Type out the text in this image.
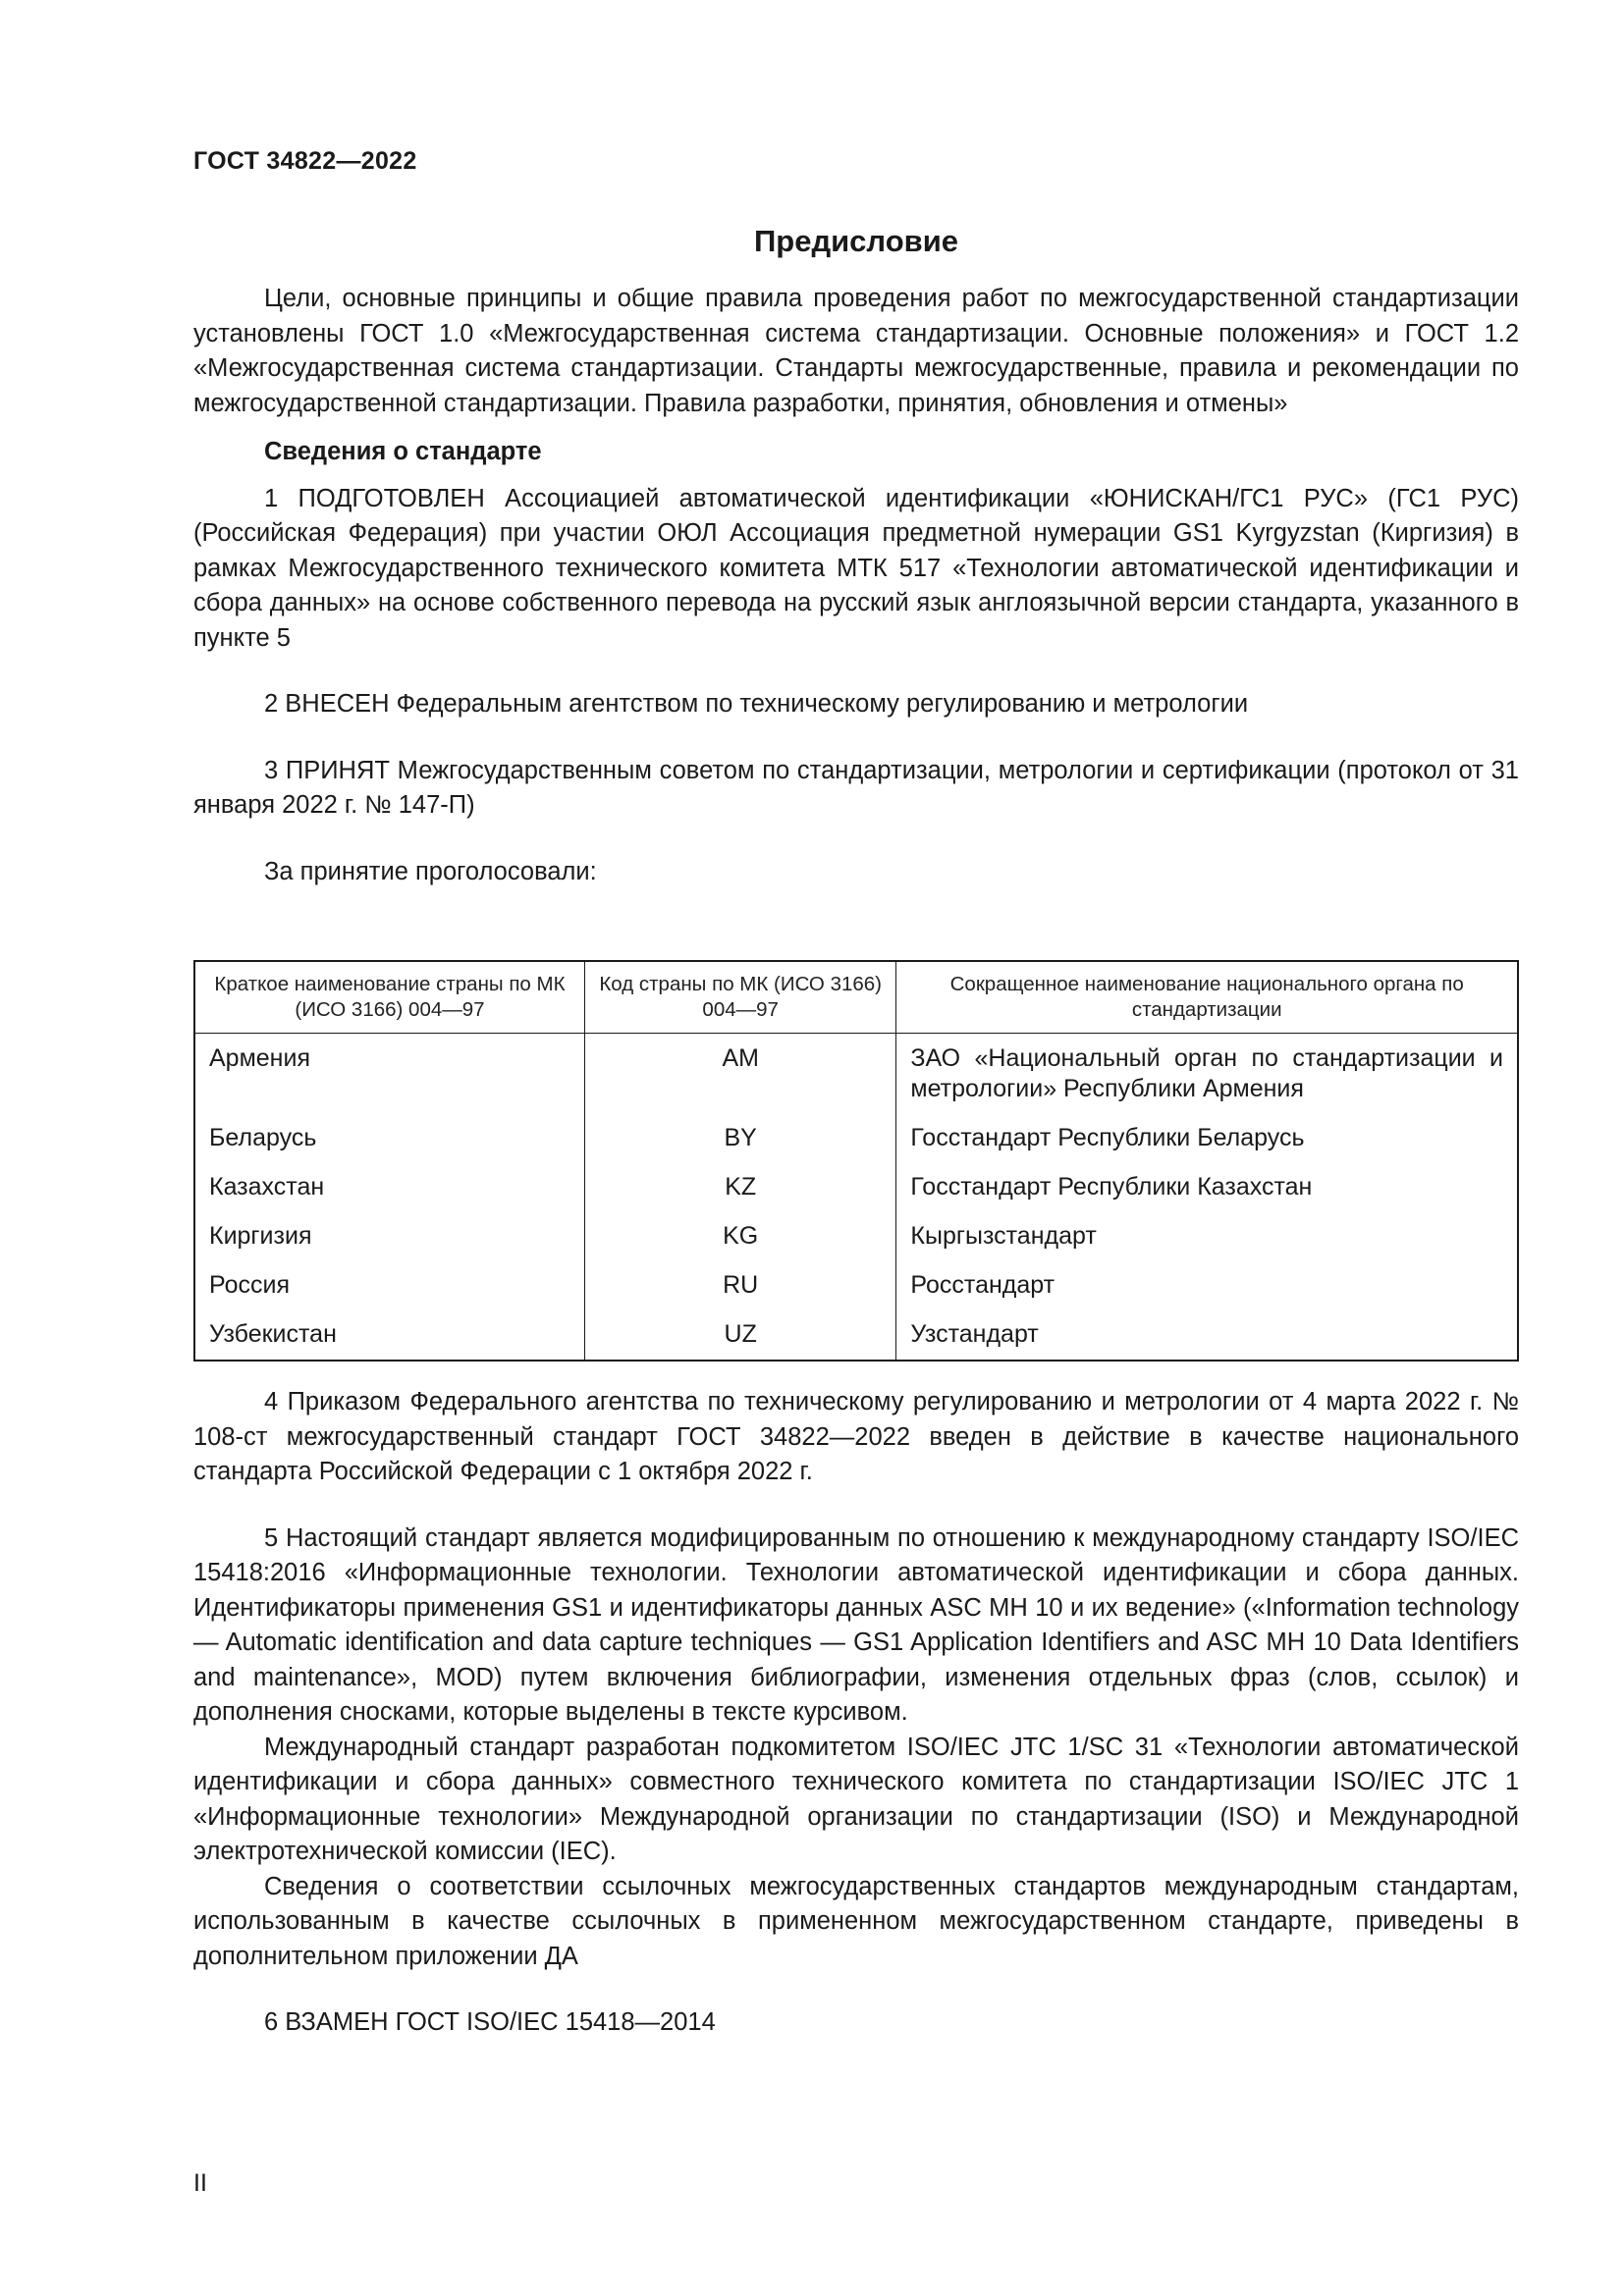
ГОСТ 34822—2022
Предисловие

Цели, основные принципы и общие правила проведения работ по межгосударственной стандартизации установлены ГОСТ 1.0 «Межгосударственная система стандартизации. Основные положения» и ГОСТ 1.2 «Межгосударственная система стандартизации. Стандарты межгосударственные, правила и рекомендации по межгосударственной стандартизации. Правила разработки, принятия, обновления и отмены»

Сведения о стандарте

1 ПОДГОТОВЛЕН Ассоциацией автоматической идентификации «ЮНИСКАН/ГС1 РУС» (ГС1 РУС) (Российская Федерация) при участии ОЮЛ Ассоциация предметной нумерации GS1 Kyrgyzstan (Киргизия) в рамках Межгосударственного технического комитета МТК 517 «Технологии автоматической идентификации и сбора данных» на основе собственного перевода на русский язык англоязычной версии стандарта, указанного в пункте 5

2 ВНЕСЕН Федеральным агентством по техническому регулированию и метрологии

3 ПРИНЯТ Межгосударственным советом по стандартизации, метрологии и сертификации (протокол от 31 января 2022 г. № 147-П)

За принятие проголосовали:

Краткое наименование страны по МК (ИСО 3166) 004—97	Код страны по МК (ИСО 3166) 004—97	Сокращенное наименование национального органа по стандартизации
Армения	AM	ЗАО «Национальный орган по стандартизации и метрологии» Республики Армения
Беларусь	BY	Госстандарт Республики Беларусь
Казахстан	KZ	Госстандарт Республики Казахстан
Киргизия	KG	Кыргызстандарт
Россия	RU	Росстандарт
Узбекистан	UZ	Узстандарт

4 Приказом Федерального агентства по техническому регулированию и метрологии от 4 марта 2022 г. № 108-ст межгосударственный стандарт ГОСТ 34822—2022 введен в действие в качестве национального стандарта Российской Федерации с 1 октября 2022 г.

5 Настоящий стандарт является модифицированным по отношению к международному стандарту ISO/IEC 15418:2016 «Информационные технологии. Технологии автоматической идентификации и сбора данных. Идентификаторы применения GS1 и идентификаторы данных ASC MH 10 и их ведение» («Information technology — Automatic identification and data capture techniques — GS1 Application Identifiers and ASC MH 10 Data Identifiers and maintenance», MOD) путем включения библиографии, изменения отдельных фраз (слов, ссылок) и дополнения сносками, которые выделены в тексте курсивом.

Международный стандарт разработан подкомитетом ISO/IEC JTC 1/SC 31 «Технологии автоматической идентификации и сбора данных» совместного технического комитета по стандартизации ISO/IEC JTC 1 «Информационные технологии» Международной организации по стандартизации (ISO) и Международной электротехнической комиссии (IEC).

Сведения о соответствии ссылочных межгосударственных стандартов международным стандартам, использованным в качестве ссылочных в примененном межгосударственном стандарте, приведены в дополнительном приложении ДА

6 ВЗАМЕН ГОСТ ISO/IEC 15418—2014

II
